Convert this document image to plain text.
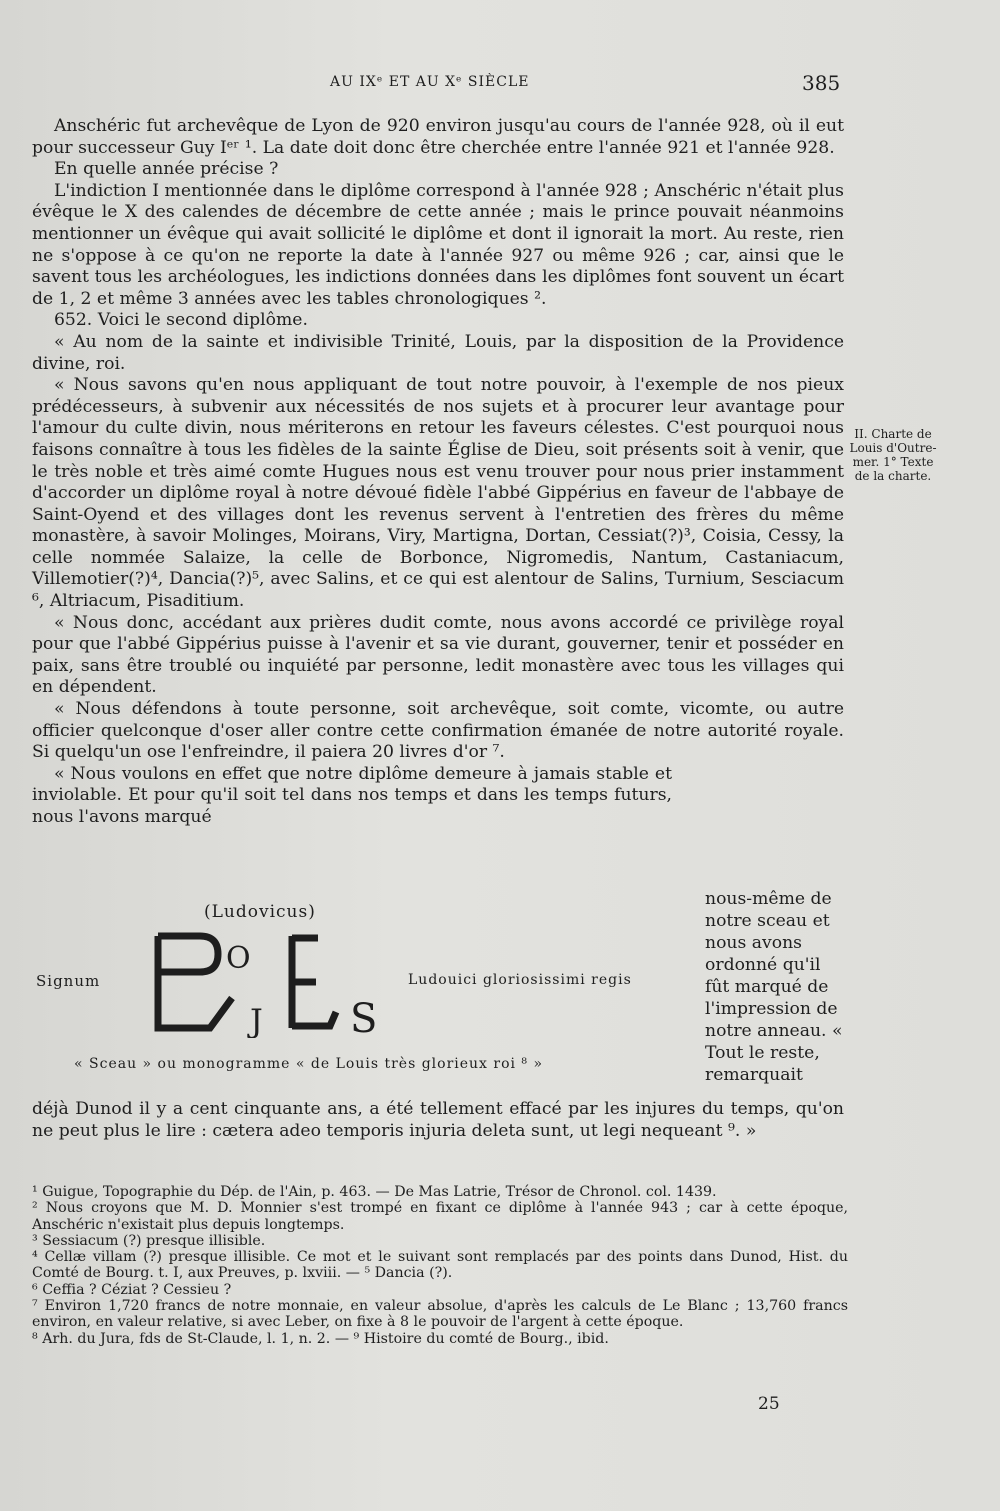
AU IXᵉ ET AU Xᵉ SIÈCLE	385

Anschéric fut archevêque de Lyon de 920 environ jusqu'au cours de l'année 928, où il eut pour successeur Guy Iᵉʳ ¹. La date doit donc être cherchée entre l'année 921 et l'année 928.

En quelle année précise ?

L'indiction I mentionnée dans le diplôme correspond à l'année 928 ; Anschéric n'était plus évêque le X des calendes de décembre de cette année ; mais le prince pouvait néanmoins mentionner un évêque qui avait sollicité le diplôme et dont il ignorait la mort. Au reste, rien ne s'oppose à ce qu'on ne reporte la date à l'année 927 ou même 926 ; car, ainsi que le savent tous les archéologues, les indictions données dans les diplômes font souvent un écart de 1, 2 et même 3 années avec les tables chronologiques ².

652. Voici le second diplôme.

« Au nom de la sainte et indivisible Trinité, Louis, par la disposition de la Providence divine, roi.

« Nous savons qu'en nous appliquant de tout notre pouvoir, à l'exemple de nos pieux prédécesseurs, à subvenir aux nécessités de nos sujets et à procurer leur avantage pour l'amour du culte divin, nous mériterons en retour les faveurs célestes. C'est pourquoi nous faisons connaître à tous les fidèles de la sainte Église de Dieu, soit présents soit à venir, que le très noble et très aimé comte Hugues nous est venu trouver pour nous prier instamment d'accorder un diplôme royal à notre dévoué fidèle l'abbé Gippérius en faveur de l'abbaye de Saint-Oyend et des villages dont les revenus servent à l'entretien des frères du même monastère, à savoir Molinges, Moirans, Viry, Martigna, Dortan, Cessiat(?)³, Coisia, Cessy, la celle nommée Salaize, la celle de Borbonce, Nigromedis, Nantum, Castaniacum, Villemotier(?)⁴, Dancia(?)⁵, avec Salins, et ce qui est alentour de Salins, Turnium, Sesciacum ⁶, Altriacum, Pisaditium.

« Nous donc, accédant aux prières dudit comte, nous avons accordé ce privilège royal pour que l'abbé Gippérius puisse à l'avenir et sa vie durant, gouverner, tenir et posséder en paix, sans être troublé ou inquiété par personne, ledit monastère avec tous les villages qui en dépendent.

« Nous défendons à toute personne, soit archevêque, soit comte, vicomte, ou autre officier quelconque d'oser aller contre cette confirmation émanée de notre autorité royale. Si quelqu'un ose l'enfreindre, il paiera 20 livres d'or ⁷.

« Nous voulons en effet que notre diplôme demeure à jamais stable et inviolable. Et pour qu'il soit tel dans nos temps et dans les temps futurs, nous l'avons marqué

II. Charte de Louis d'Outre-mer. 1° Texte de la charte.
(Ludovicus)
Signum
O
J S
Ludouici gloriosissimi regis
« Sceau » ou monogramme « de Louis très glorieux roi ⁸ »

nous-même de notre sceau et nous avons ordonné qu'il fût marqué de l'impression de notre anneau. « Tout le reste, remarquait

déjà Dunod il y a cent cinquante ans, a été tellement effacé par les injures du temps, qu'on ne peut plus le lire : cætera adeo temporis injuria deleta sunt, ut legi nequeant ⁹. »

¹ Guigue, Topographie du Dép. de l'Ain, p. 463. — De Mas Latrie, Trésor de Chronol. col. 1439.

² Nous croyons que M. D. Monnier s'est trompé en fixant ce diplôme à l'année 943 ; car à cette époque, Anschéric n'existait plus depuis longtemps.

³ Sessiacum (?) presque illisible.

⁴ Cellæ villam (?) presque illisible. Ce mot et le suivant sont remplacés par des points dans Dunod, Hist. du Comté de Bourg. t. I, aux Preuves, p. lxviii. — ⁵ Dancia (?).

⁶ Ceffia ? Céziat ? Cessieu ?

⁷ Environ 1,720 francs de notre monnaie, en valeur absolue, d'après les calculs de Le Blanc ; 13,760 francs environ, en valeur relative, si avec Leber, on fixe à 8 le pouvoir de l'argent à cette époque.

⁸ Arh. du Jura, fds de St-Claude, l. 1, n. 2. — ⁹ Histoire du comté de Bourg., ibid.

25
